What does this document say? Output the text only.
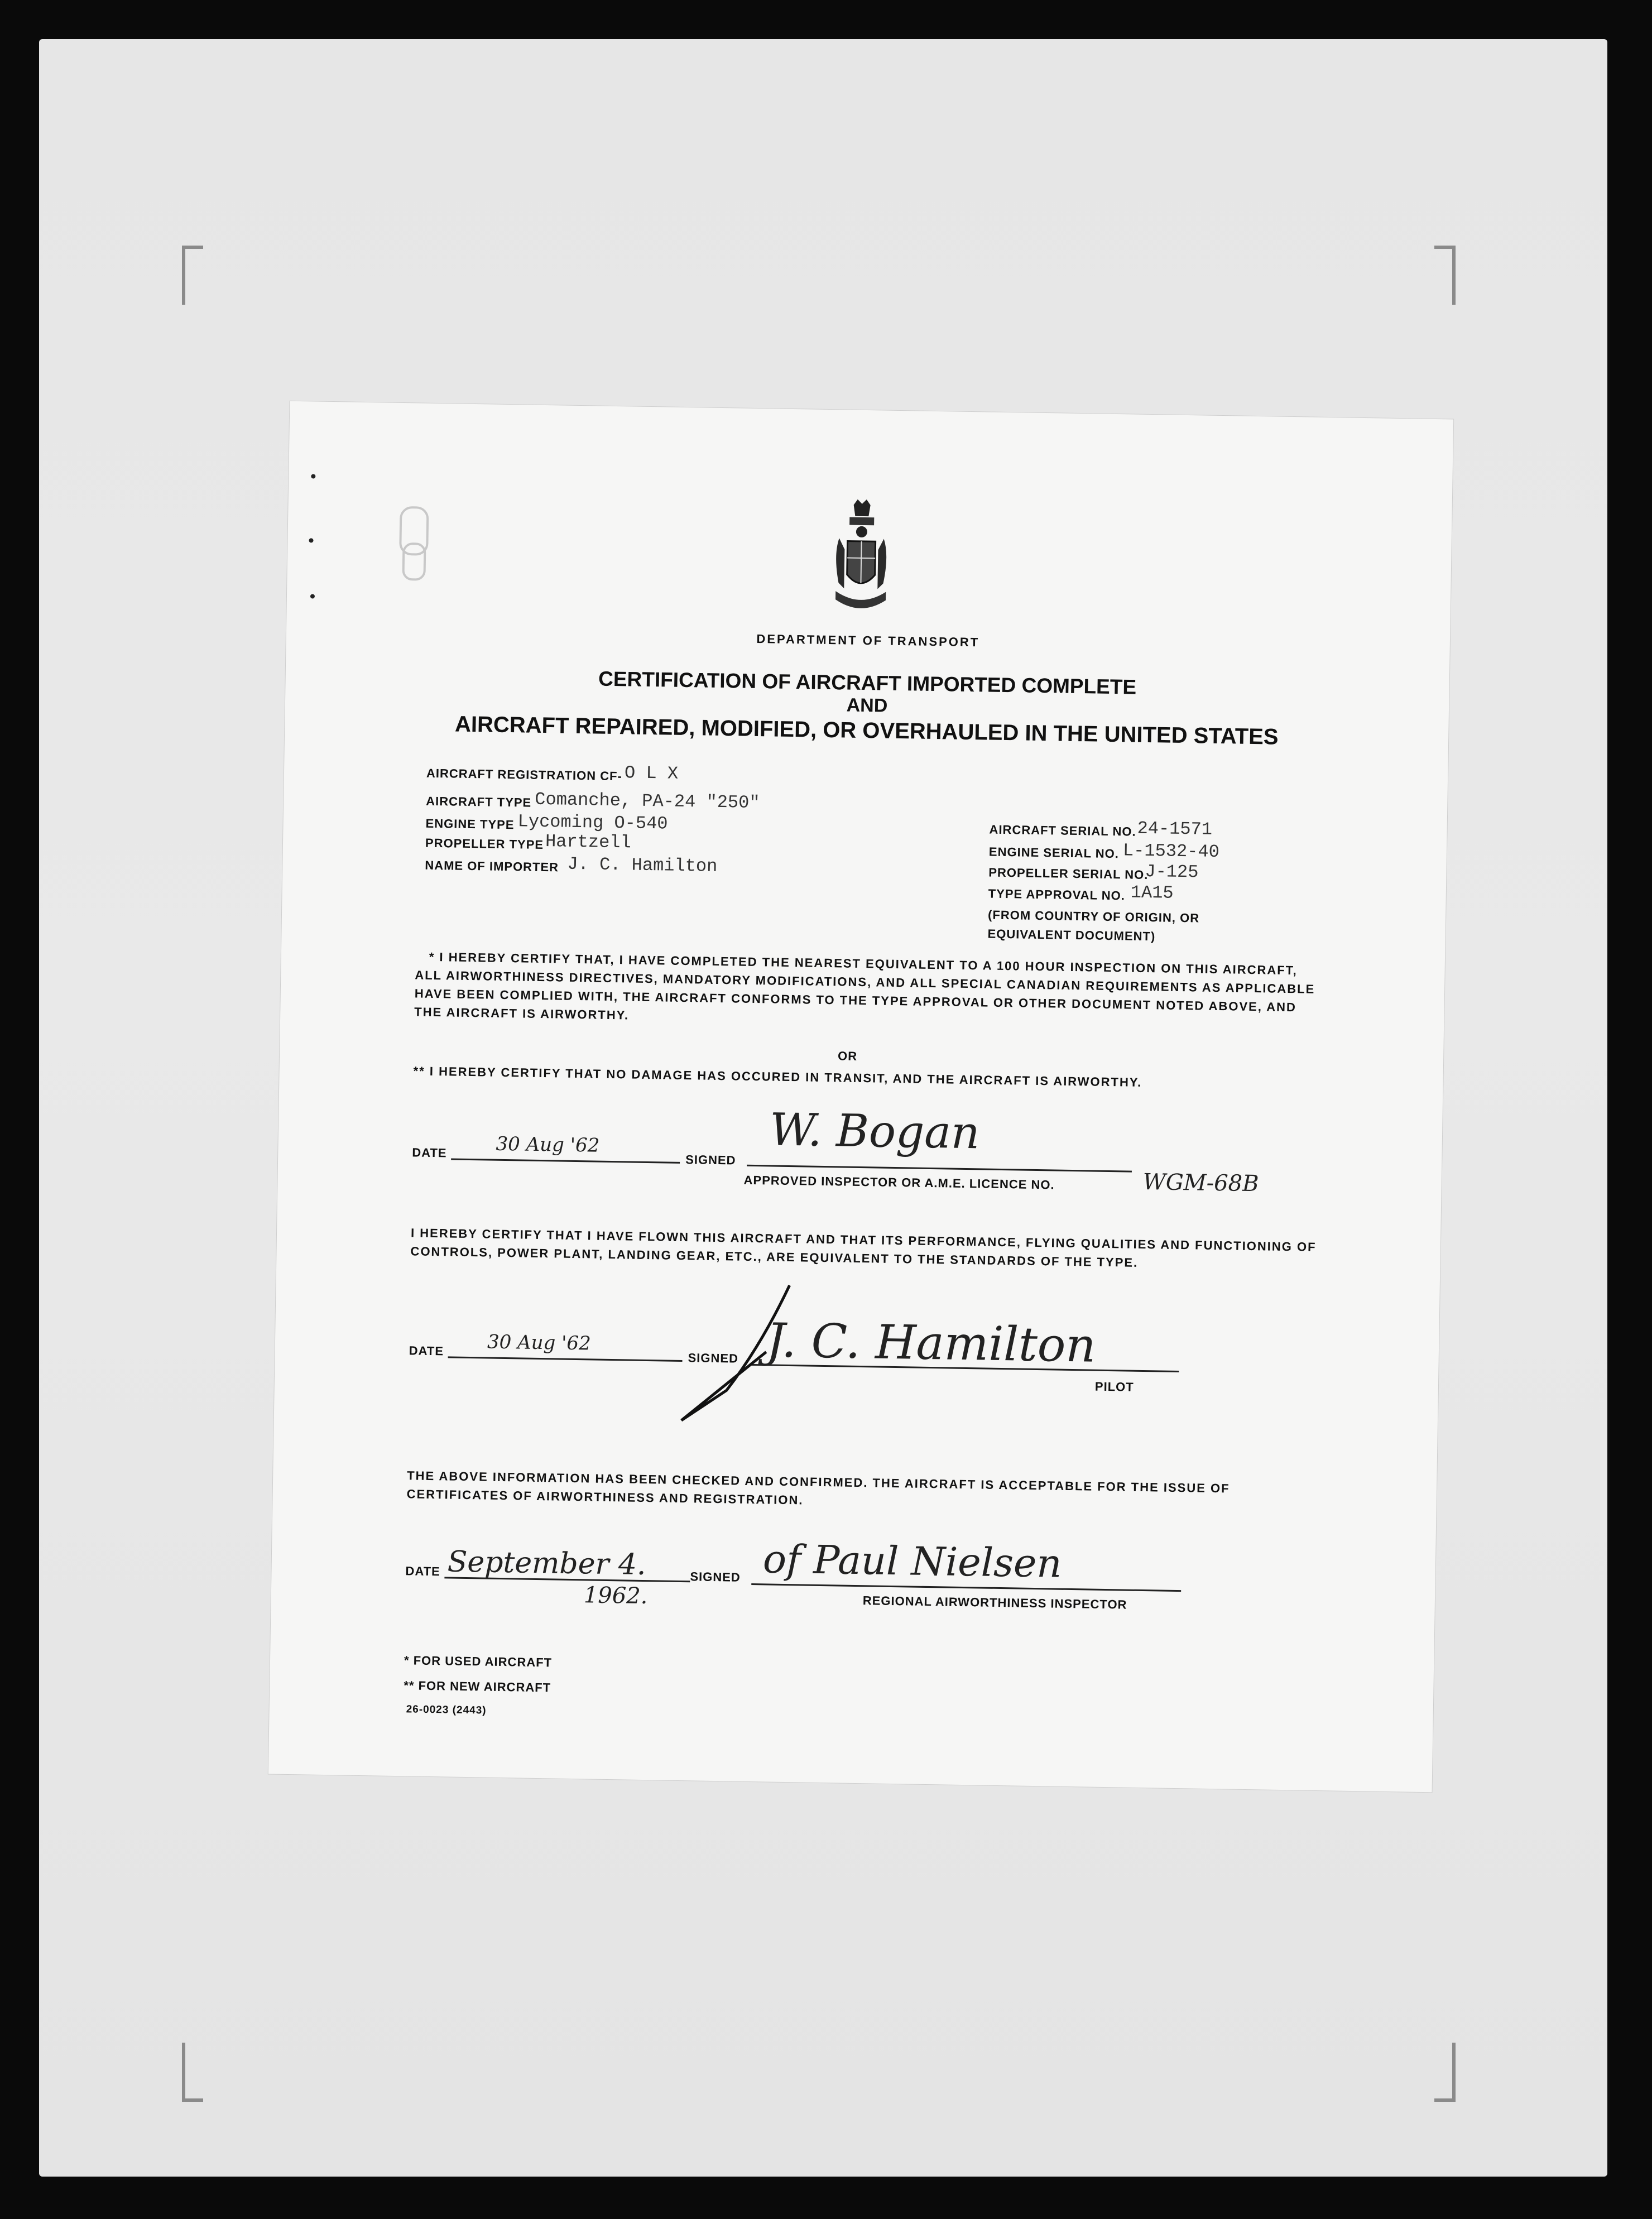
DEPARTMENT OF TRANSPORT
CERTIFICATION OF AIRCRAFT IMPORTED COMPLETE
AND
AIRCRAFT REPAIRED, MODIFIED, OR OVERHAULED IN THE UNITED STATES
AIRCRAFT REGISTRATION CF- O L X
AIRCRAFT TYPE Comanche, PA-24 "250"
ENGINE TYPE Lycoming O-540
PROPELLER TYPE Hartzell
NAME OF IMPORTER J. C. Hamilton
AIRCRAFT SERIAL NO. 24-1571
ENGINE SERIAL NO. L-1532-40
PROPELLER SERIAL NO.
J-125
TYPE APPROVAL NO. 1A15
(FROM COUNTRY OF ORIGIN, OR
EQUIVALENT DOCUMENT)
* I HEREBY CERTIFY THAT, I HAVE COMPLETED THE NEAREST EQUIVALENT TO A 100 HOUR INSPECTION ON THIS AIRCRAFT, ALL AIRWORTHINESS DIRECTIVES, MANDATORY MODIFICATIONS, AND ALL SPECIAL CANADIAN REQUIREMENTS AS APPLICABLE HAVE BEEN COMPLIED WITH, THE AIRCRAFT CONFORMS TO THE TYPE APPROVAL OR OTHER DOCUMENT NOTED ABOVE, AND THE AIRCRAFT IS AIRWORTHY.
OR
** I HEREBY CERTIFY THAT NO DAMAGE HAS OCCURED IN TRANSIT, AND THE AIRCRAFT IS AIRWORTHY.
DATE	30 Aug '62
SIGNED
W. Bogan
APPROVED INSPECTOR OR A.M.E. LICENCE NO.	WGM-68B
I HEREBY CERTIFY THAT I HAVE FLOWN THIS AIRCRAFT AND THAT ITS PERFORMANCE, FLYING QUALITIES AND FUNCTIONING OF CONTROLS, POWER PLANT, LANDING GEAR, ETC., ARE EQUIVALENT TO THE STANDARDS OF THE TYPE.
DATE 30 Aug '62
SIGNED J. C. Hamilton
PILOT
THE ABOVE INFORMATION HAS BEEN CHECKED AND CONFIRMED. THE AIRCRAFT IS ACCEPTABLE FOR THE ISSUE OF CERTIFICATES OF AIRWORTHINESS AND REGISTRATION.
DATE September 4.
1962.
SIGNED of Paul Nielsen
REGIONAL AIRWORTHINESS INSPECTOR
* FOR USED AIRCRAFT
** FOR NEW AIRCRAFT
26-0023 (2443)
